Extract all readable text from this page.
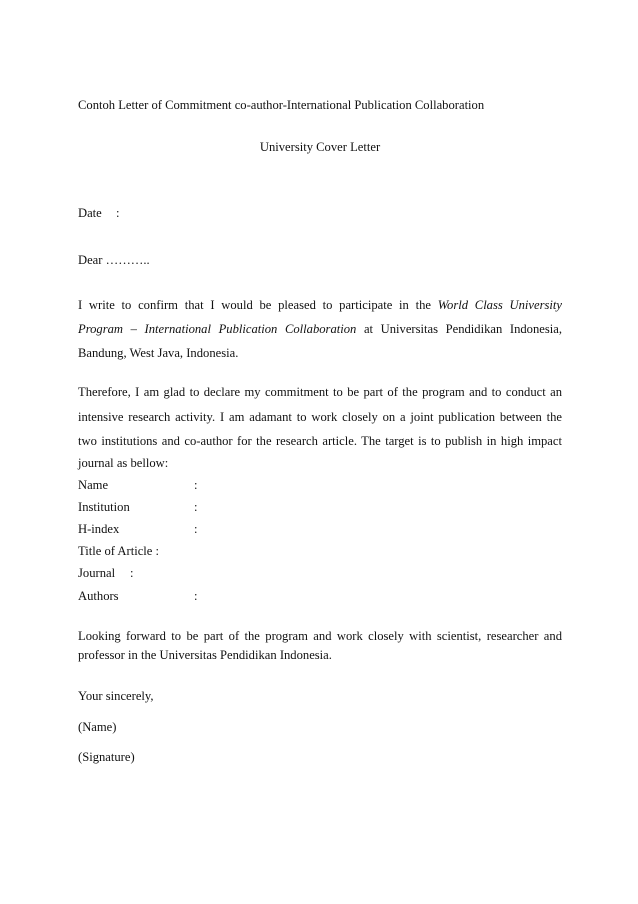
Contoh Letter of Commitment co-author-International Publication Collaboration
University Cover Letter
Date :
Dear ………..
I write to confirm that I would be pleased to participate in the World Class University
Program – International Publication Collaboration at Universitas Pendidikan Indonesia,
Bandung, West Java, Indonesia.
Therefore, I am glad to declare my commitment to be part of the program and to conduct an
intensive research activity. I am adamant to work closely on a joint publication between the
two institutions and co-author for the research article. The target is to publish in high impact
journal as bellow:
Name	:
Institution	:
H-index	:
Title of Article :
Journal :
Authors	:
Looking forward to be part of the program and work closely with scientist, researcher and
professor in the Universitas Pendidikan Indonesia.
Your sincerely,
(Name)
(Signature)
